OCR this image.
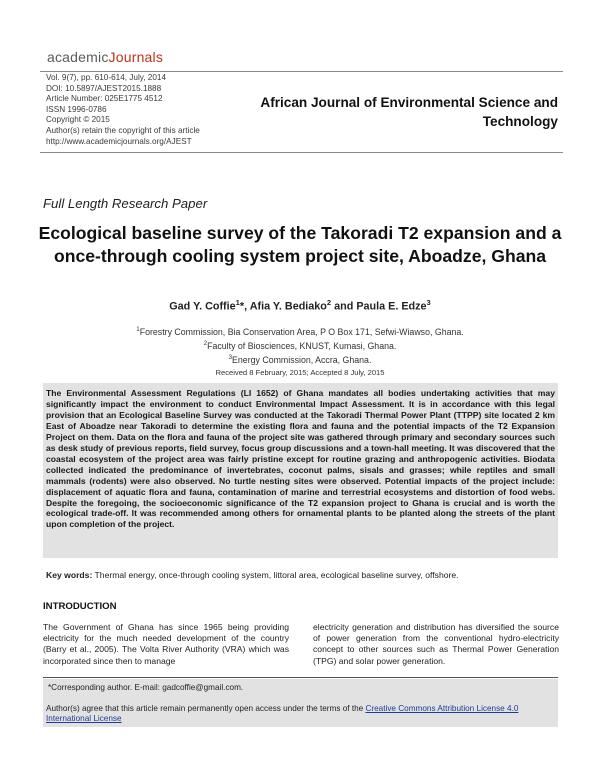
academicJournals
Vol. 9(7), pp. 610-614, July, 2014
DOI: 10.5897/AJEST2015.1888
Article Number: 025E1775 4512
ISSN 1996-0786
Copyright © 2015
Author(s) retain the copyright of this article
http://www.academicjournals.org/AJEST
African Journal of Environmental Science and Technology
Full Length Research Paper
Ecological baseline survey of the Takoradi T2 expansion and a once-through cooling system project site, Aboadze, Ghana
Gad Y. Coffie$^1$*, Afia Y. Bediako$^2$ and Paula E. Edze$^3$
$^1$Forestry Commission, Bia Conservation Area, P O Box 171, Sefwi-Wiawso, Ghana.
$^2$Faculty of Biosciences, KNUST, Kumasi, Ghana.
$^3$Energy Commission, Accra, Ghana.
Received 8 February, 2015; Accepted 8 July, 2015
The Environmental Assessment Regulations (LI 1652) of Ghana mandates all bodies undertaking activities that may significantly impact the environment to conduct Environmental Impact Assessment. It is in accordance with this legal provision that an Ecological Baseline Survey was conducted at the Takoradi Thermal Power Plant (TTPP) site located 2 km East of Aboadze near Takoradi to determine the existing flora and fauna and the potential impacts of the T2 Expansion Project on them. Data on the flora and fauna of the project site was gathered through primary and secondary sources such as desk study of previous reports, field survey, focus group discussions and a town-hall meeting. It was discovered that the coastal ecosystem of the project area was fairly pristine except for routine grazing and anthropogenic activities. Biodata collected indicated the predominance of invertebrates, coconut palms, sisals and grasses; while reptiles and small mammals (rodents) were also observed. No turtle nesting sites were observed. Potential impacts of the project include: displacement of aquatic flora and fauna, contamination of marine and terrestrial ecosystems and distortion of food webs. Despite the foregoing, the socioeconomic significance of the T2 expansion project to Ghana is crucial and is worth the ecological trade-off. It was recommended among others for ornamental plants to be planted along the streets of the plant upon completion of the project.
Key words: Thermal energy, once-through cooling system, littoral area, ecological baseline survey, offshore.
INTRODUCTION
The Government of Ghana has since 1965 being providing electricity for the much needed development of the country (Barry et al., 2005). The Volta River Authority (VRA) which was incorporated since then to manage
electricity generation and distribution has diversified the source of power generation from the conventional hydro-electricity concept to other sources such as Thermal Power Generation (TPG) and solar power generation.
*Corresponding author. E-mail: gadcoffie@gmail.com.
Author(s) agree that this article remain permanently open access under the terms of the Creative Commons Attribution License 4.0
International License
